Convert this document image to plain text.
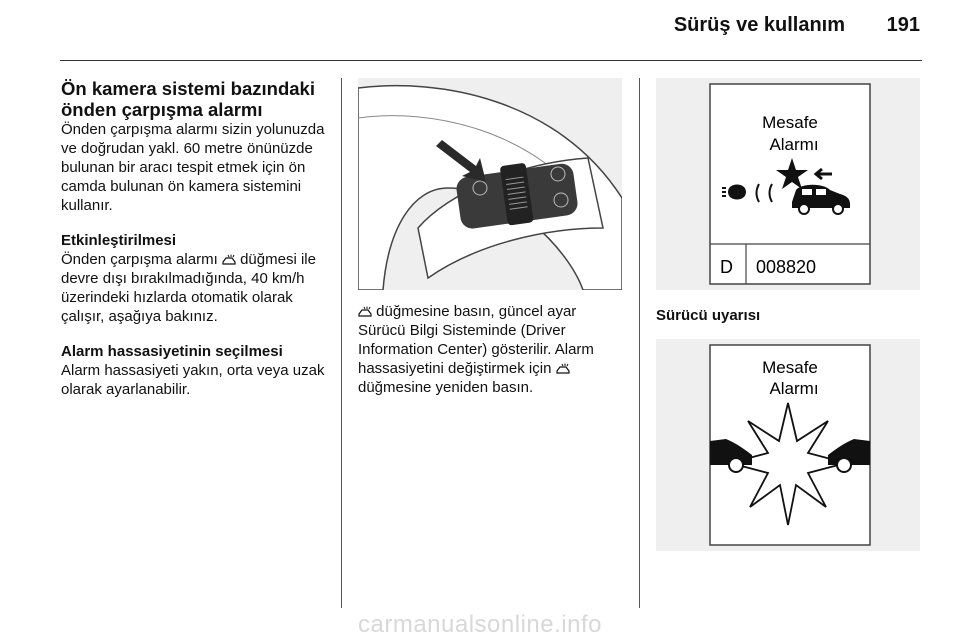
Sürüş ve kullanım	191
Ön kamera sistemi bazındaki önden çarpışma alarmı

Önden çarpışma alarmı sizin yolunuzda ve doğrudan yakl. 60 metre önünüzde bulunan bir aracı tespit etmek için ön camda bulunan ön kamera sistemini kullanır.

Etkinleştirilmesi

Önden çarpışma alarmı düğmesi ile devre dışı bırakılmadığında, 40 km/h üzerindeki hızlarda otomatik olarak çalışır, aşağıya bakınız.

Alarm hassasiyetinin seçilmesi

Alarm hassasiyeti yakın, orta veya uzak olarak ayarlanabilir.

düğmesine basın, güncel ayar Sürücü Bilgi Sisteminde (Driver Information Center) gösterilir. Alarm hassasiyetini değiştirmek için  düğmesine yeniden basın.

Mesafe
Alarmı
D 008820
Sürücü uyarısı
Mesafe
Alarmı
carmanualsonline.info
